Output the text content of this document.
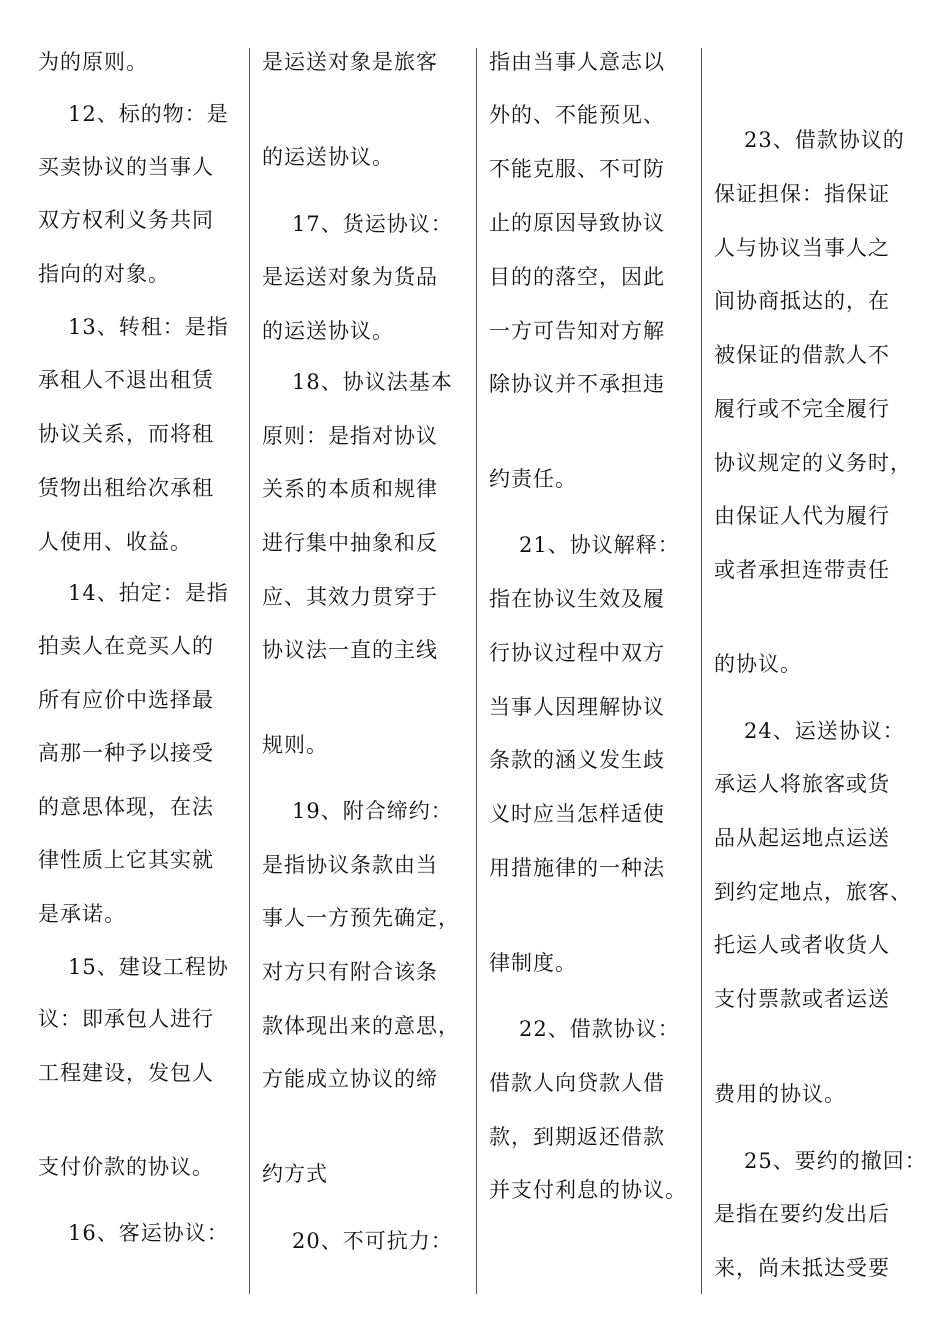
为的原则。
12、标的物：是
买卖协议的当事人
双方权利义务共同
指向的对象。
13、转租：是指
承租人不退出租赁
协议关系，而将租
赁物出租给次承租
人使用、收益。
14、拍定：是指
拍卖人在竞买人的
所有应价中选择最
高那一种予以接受
的意思体现，在法
律性质上它其实就
是承诺。
15、建设工程协
议：即承包人进行
工程建设，发包人
支付价款的协议。
16、客运协议：
是运送对象是旅客
的运送协议。
17、货运协议：
是运送对象为货品
的运送协议。
18、协议法基本
原则：是指对协议
关系的本质和规律
进行集中抽象和反
应、其效力贯穿于
协议法一直的主线
规则。
19、附合缔约：
是指协议条款由当
事人一方预先确定，
对方只有附合该条
款体现出来的意思，
方能成立协议的缔
约方式
20、不可抗力：
指由当事人意志以
外的、不能预见、
不能克服、不可防
止的原因导致协议
目的的落空，因此
一方可告知对方解
除协议并不承担违
约责任。
21、协议解释：
指在协议生效及履
行协议过程中双方
当事人因理解协议
条款的涵义发生歧
义时应当怎样适使
用措施律的一种法
律制度。
22、借款协议：
借款人向贷款人借
款，到期返还借款
并支付利息的协议。
23、借款协议的
保证担保：指保证
人与协议当事人之
间协商抵达的，在
被保证的借款人不
履行或不完全履行
协议规定的义务时，
由保证人代为履行
或者承担连带责任
的协议。
24、运送协议：
承运人将旅客或货
品从起运地点运送
到约定地点，旅客、
托运人或者收货人
支付票款或者运送
费用的协议。
25、要约的撤回：
是指在要约发出后
来，尚未抵达受要
